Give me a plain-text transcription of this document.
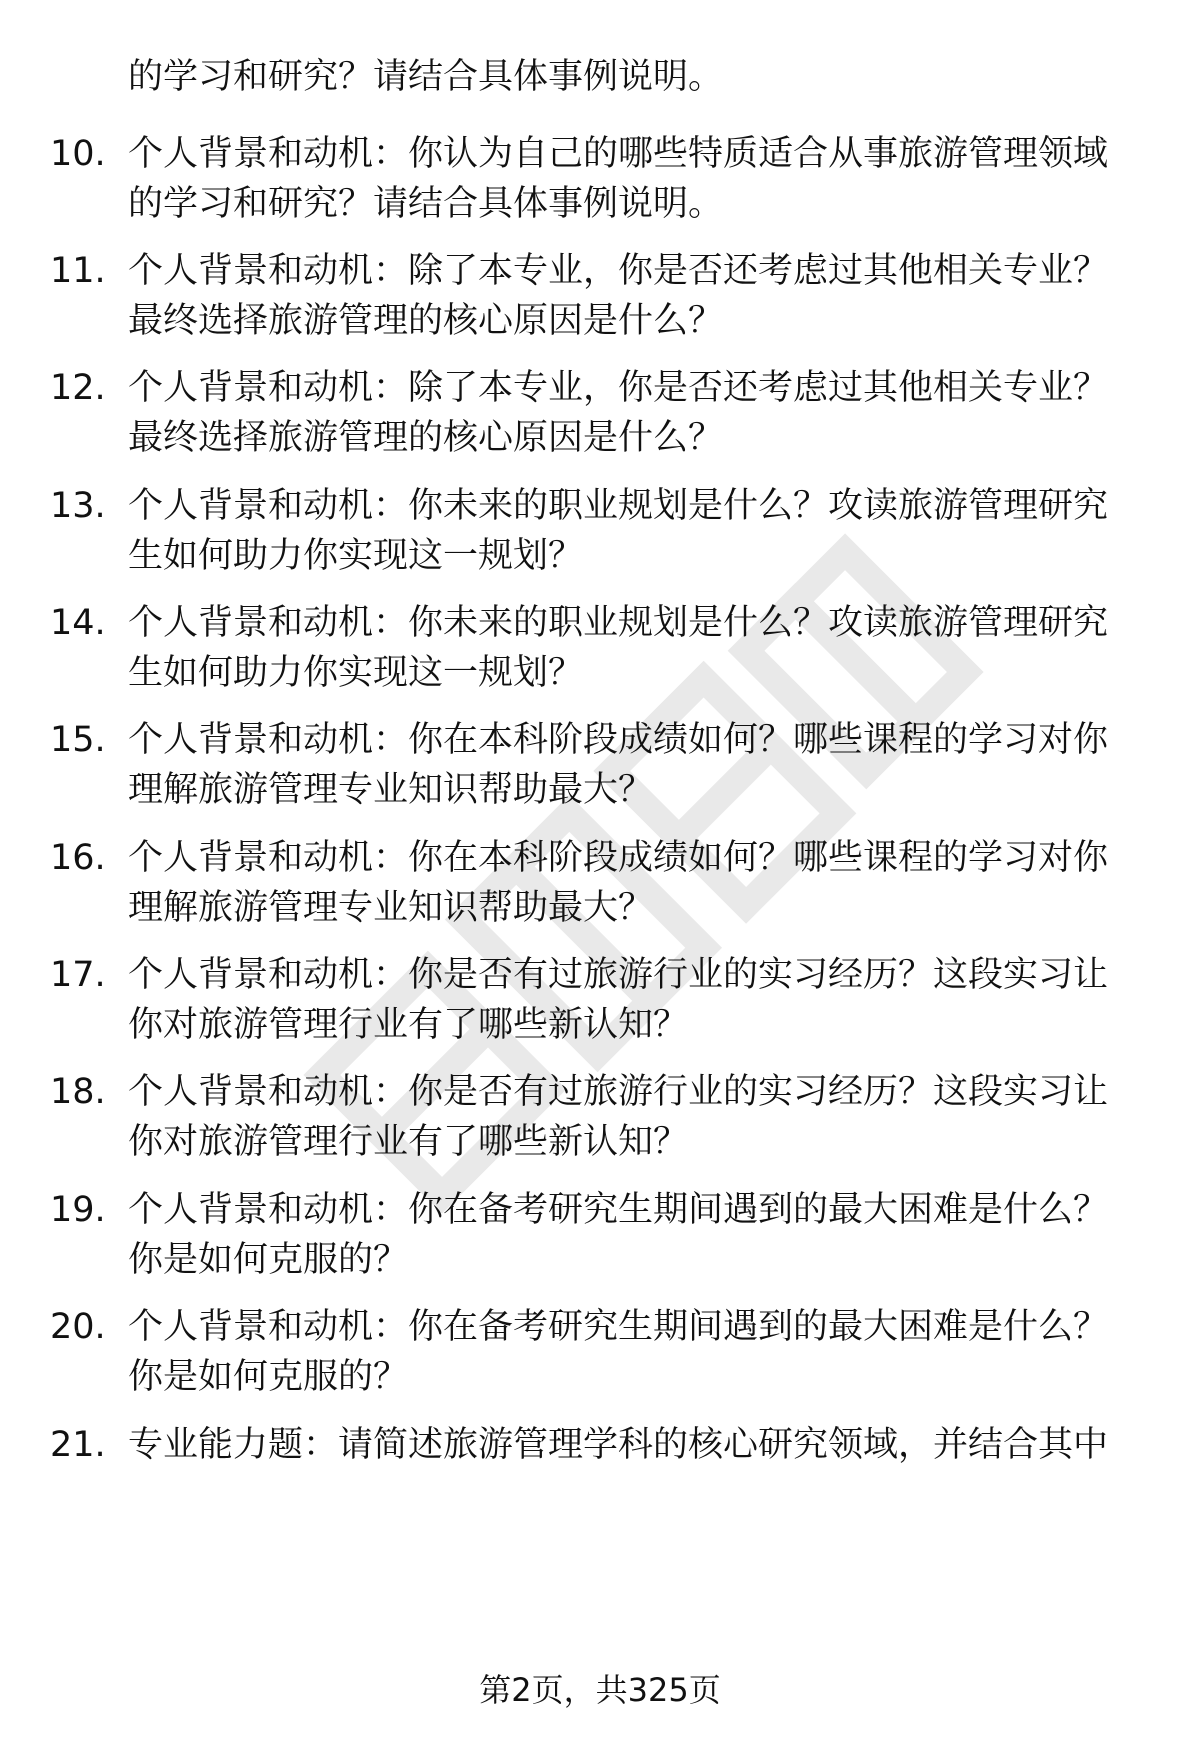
的学习和研究？请结合具体事例说明。
10. 个人背景和动机：你认为自己的哪些特质适合从事旅游管理领域
的学习和研究？请结合具体事例说明。
11. 个人背景和动机：除了本专业，你是否还考虑过其他相关专业？
最终选择旅游管理的核心原因是什么？
12. 个人背景和动机：除了本专业，你是否还考虑过其他相关专业？
最终选择旅游管理的核心原因是什么？
13. 个人背景和动机：你未来的职业规划是什么？攻读旅游管理研究
生如何助力你实现这一规划？
14. 个人背景和动机：你未来的职业规划是什么？攻读旅游管理研究
生如何助力你实现这一规划？
15. 个人背景和动机：你在本科阶段成绩如何？哪些课程的学习对你
理解旅游管理专业知识帮助最大？
16. 个人背景和动机：你在本科阶段成绩如何？哪些课程的学习对你
理解旅游管理专业知识帮助最大？
17. 个人背景和动机：你是否有过旅游行业的实习经历？这段实习让
你对旅游管理行业有了哪些新认知？
18. 个人背景和动机：你是否有过旅游行业的实习经历？这段实习让
你对旅游管理行业有了哪些新认知？
19. 个人背景和动机：你在备考研究生期间遇到的最大困难是什么？
你是如何克服的？
20. 个人背景和动机：你在备考研究生期间遇到的最大困难是什么？
你是如何克服的？
21. 专业能力题：请简述旅游管理学科的核心研究领域，并结合其中
第2页，共325页
